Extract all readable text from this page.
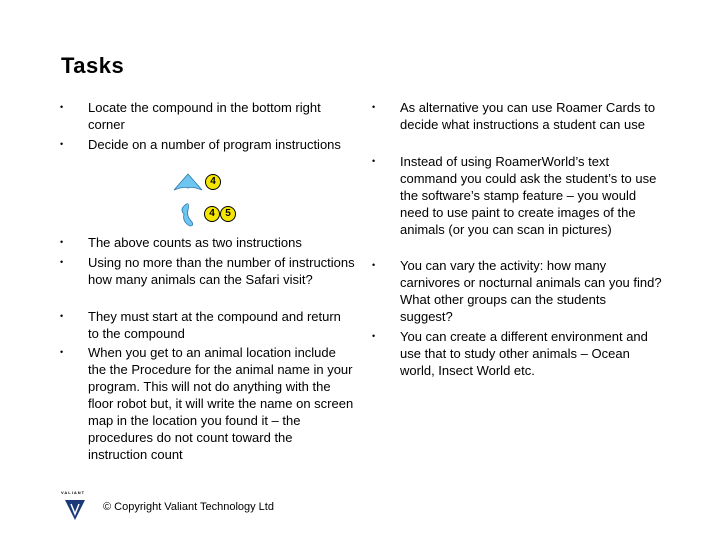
Tasks
•	Locate the compound in the bottom right corner
•	Decide on a number of program instructions
•	The above counts as two instructions
•	Using no more than the number of instructions how many animals can the Safari visit?
•	They must start at the compound and return to the compound
•	When you get to an animal location include the the Procedure for the animal name in your program. This will not do anything with the floor robot but, it will write the name on screen map in the location you found it – the procedures do not count toward the instruction count
4
4	5
•	As alternative you can use Roamer Cards to decide what instructions a student can use
•	Instead of using RoamerWorld’s text command you could ask the student’s to use the software’s stamp feature – you would need to use paint to create images of the animals (or you can scan in pictures)
•	You can vary the activity: how many carnivores or nocturnal animals can you find? What other groups can the students suggest?
•	You can create a different environment and use that to study other animals – Ocean world, Insect World etc.
VALIANT
© Copyright Valiant Technology Ltd
